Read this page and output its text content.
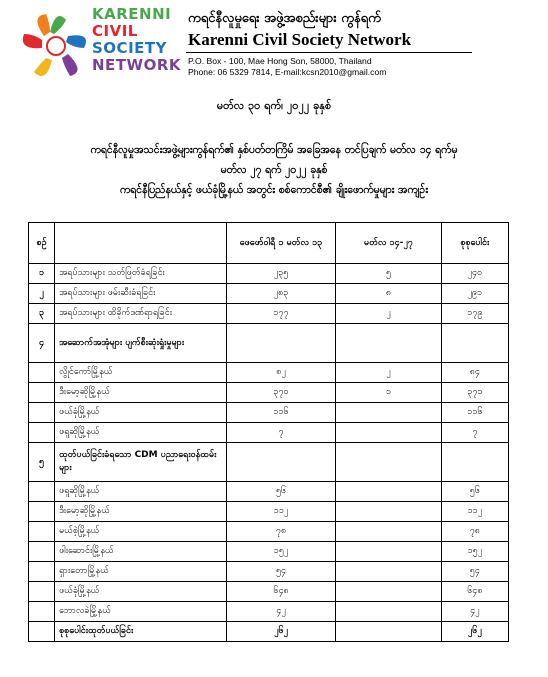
KARENNI
CIVIL
SOCIETY
NETWORK
ကရင်နီလူမှုရေး အဖွဲ့အစည်းများ ကွန်ရက်
Karenni Civil Society Network
P.O. Box - 100, Mae Hong Son, 58000, Thailand
Phone: 06 5329 7814, E-mail:kcsn2010@gmail.com
မတ်လ ၃၀ ရက်၊ ၂၀၂၂ ခုနှစ်
ကရင်နီလူမှုအသင်းအဖွဲ့များကွန်ရက်၏ နှစ်ပတ်တကြိမ် အခြေအနေ တင်ပြချက် မတ်လ ၁၄ ရက်မှ
မတ်လ ၂၇ ရက် ၂၀၂၂ ခုနှစ်
ကရင်နီပြည်နယ်နှင့် ဖယ်ခုံမြို့နယ် အတွင်း စစ်ကောင်စီ၏ ချိုးဖောက်မှုများ အကျဉ်း
စဉ်		ဖေဖော်ဝါရီ ၁ မတ်လ ၁၃	မတ်လ ၁၄-၂၇	စုစုပေါင်း
၁	အရပ်သားများ သတ်ဖြတ်ခံရခြင်း	၂၃၅	၅	၂၄၀
၂	အရပ်သားများ ဖမ်းဆီးခံရခြင်း	၂၈၃	၈	၂၉၁
၃	အရပ်သားများ ထိခိုက်ဒဏ်ရာရခြင်း	၁၇၇	၂	၁၇၉
၄	အဆောက်အအုံများ ပျက်စီးဆုံးရှုံးမှုများ			
	လွိုင်ကော်မြို့နယ်	၈၂	၂	၈၄
	ဒီးမော့ဆိုမြို့နယ်	၃၇၀	၁	၃၇၁
	ဖယ်ခုံမြို့နယ်	၁၁၆		၁၁၆
	ဖရူဆိုမြို့နယ်	၇		၇
၅	ထုတ်ပယ်ခြင်းခံရသော CDM ပညာရေးဝန်ထမ်းများ			
	ဖရူဆိုမြို့နယ်	၅၆		၅၆
	ဒီးမော့ဆိုမြို့နယ်	၁၁၂		၁၁၂
	မယ်စဲ့မြို့နယ်	၇၈		၇၈
	ဖါးဆောင်းမြို့နယ်	၁၅၂		၁၅၂
	ရှားတောမြို့နယ်	၅၄		၅၄
	ဖယ်ခုံမြို့နယ်	၆၄၈		၆၄၈
	ဘောလခဲမြို့နယ်	၄၂		၄၂
	စုစုပေါင်းထုတ်ပယ်ခြင်း	၂၆၂		၂၆၂
